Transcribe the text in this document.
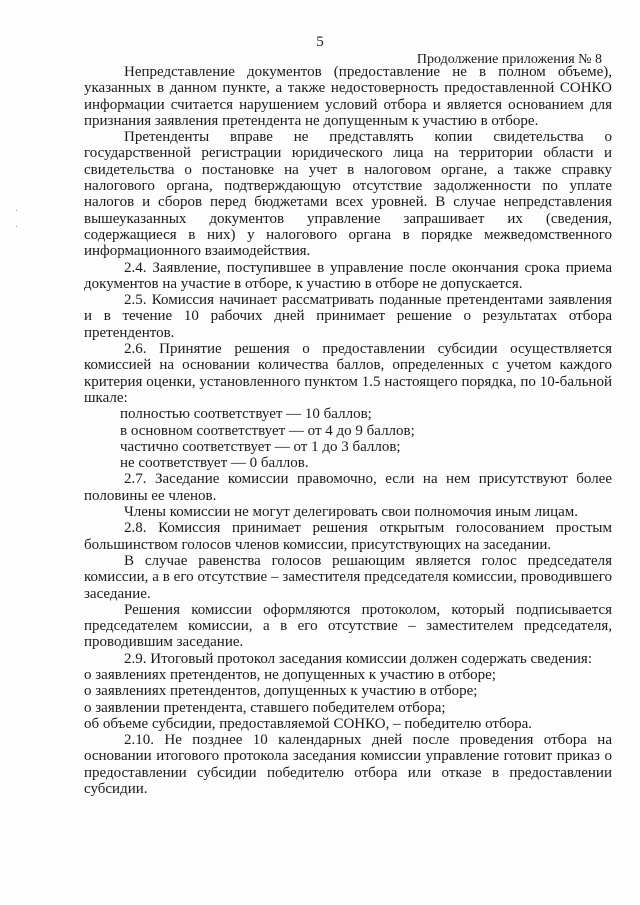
5
Продолжение приложения № 8

Непредставление документов (предоставление не в полном объеме), указанных в данном пункте, а также недостоверность предоставленной СОНКО информации считается нарушением условий отбора и является основанием для признания заявления претендента не допущенным к участию в отборе.

Претенденты вправе не представлять копии свидетельства о государственной регистрации юридического лица на территории области и свидетельства о постановке на учет в налоговом органе, а также справку налогового органа, подтверждающую отсутствие задолженности по уплате налогов и сборов перед бюджетами всех уровней. В случае непредставления вышеуказанных документов управление запрашивает их (сведения, содержащиеся в них) у налогового органа в порядке межведомственного информационного взаимодействия.

2.4. Заявление, поступившее в управление после окончания срока приема документов на участие в отборе, к участию в отборе не допускается.

2.5. Комиссия начинает рассматривать поданные претендентами заявления и в течение 10 рабочих дней принимает решение о результатах отбора претендентов.

2.6. Принятие решения о предоставлении субсидии осуществляется комиссией на основании количества баллов, определенных с учетом каждого критерия оценки, установленного пунктом 1.5 настоящего порядка, по 10-бальной шкале:

полностью соответствует — 10 баллов;

в основном соответствует — от 4 до 9 баллов;

частично соответствует — от 1 до 3 баллов;

не соответствует — 0 баллов.

2.7. Заседание комиссии правомочно, если на нем присутствуют более половины ее членов.

Члены комиссии не могут делегировать свои полномочия иным лицам.

2.8. Комиссия принимает решения открытым голосованием простым большинством голосов членов комиссии, присутствующих на заседании.

В случае равенства голосов решающим является голос председателя комиссии, а в его отсутствие – заместителя председателя комиссии, проводившего заседание.

Решения комиссии оформляются протоколом, который подписывается председателем комиссии, а в его отсутствие – заместителем председателя, проводившим заседание.

2.9. Итоговый протокол заседания комиссии должен содержать сведения:

о заявлениях претендентов, не допущенных к участию в отборе;

о заявлениях претендентов, допущенных к участию в отборе;

о заявлении претендента, ставшего победителем отбора;

об объеме субсидии, предоставляемой СОНКО, – победителю отбора.

2.10. Не позднее 10 календарных дней после проведения отбора на основании итогового протокола заседания комиссии управление готовит приказ о предоставлении субсидии победителю отбора или отказе в предоставлении субсидии.
